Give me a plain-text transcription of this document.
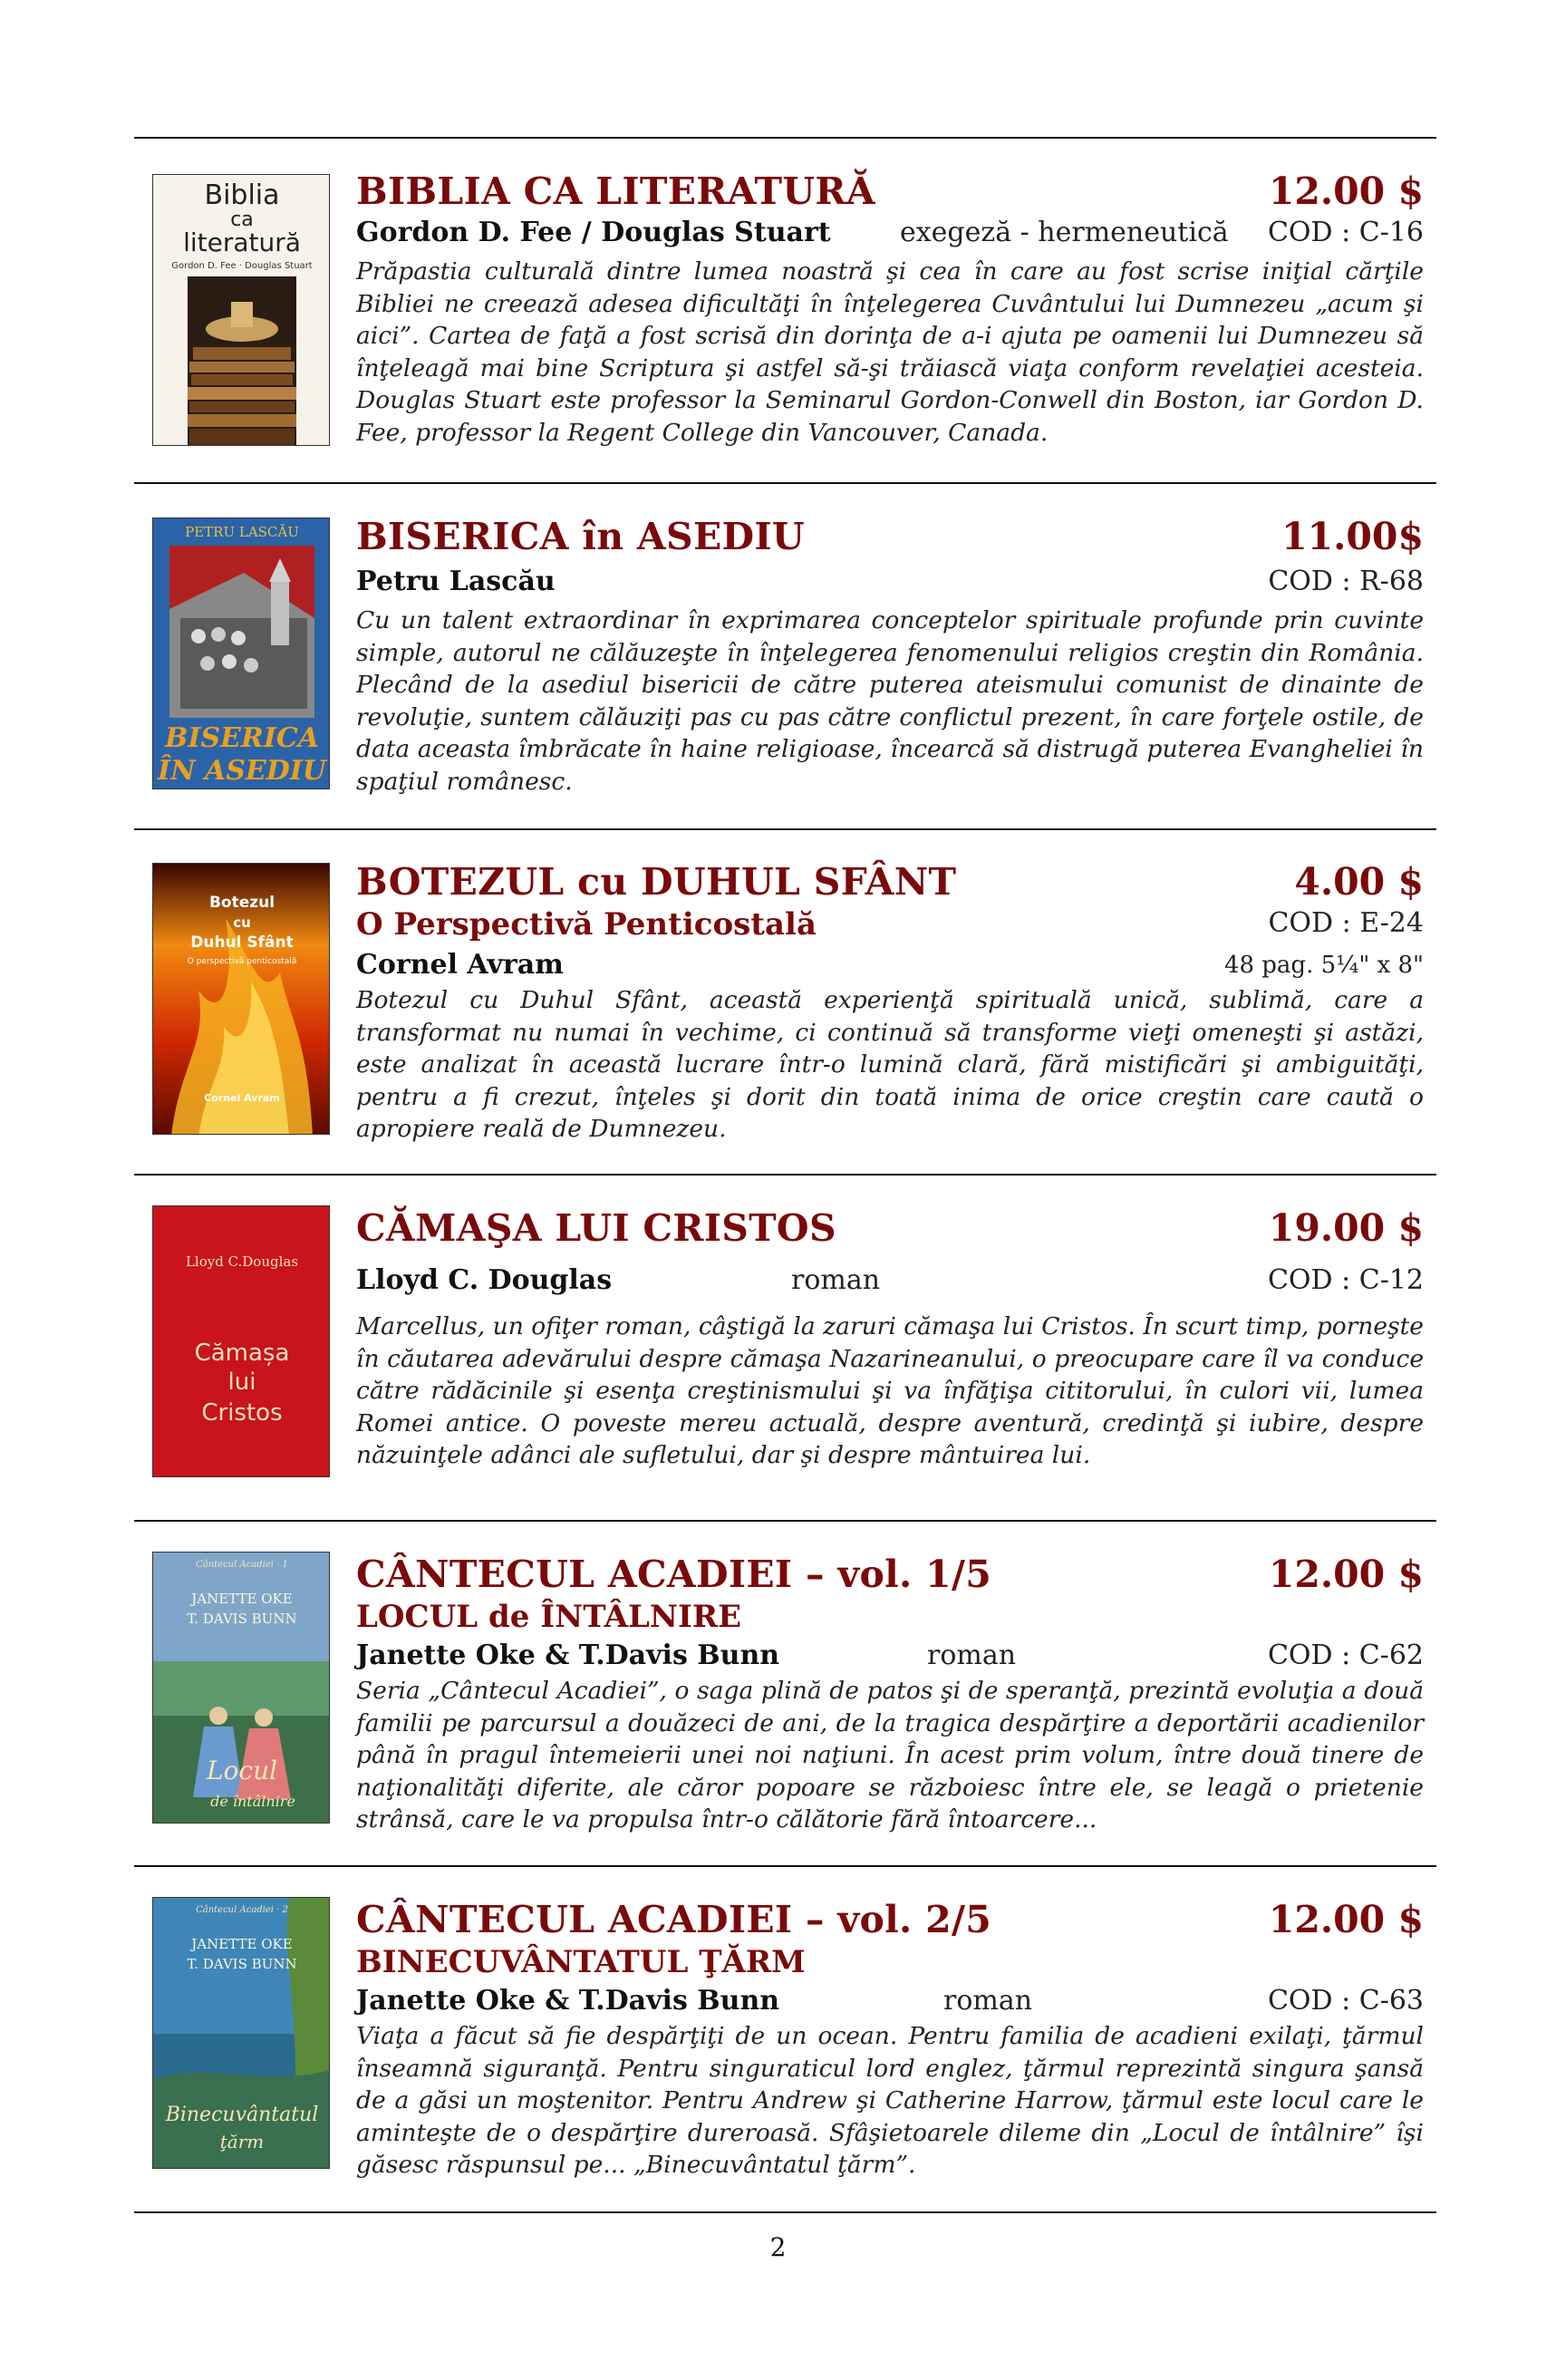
Biblia
ca
literatură
Gordon D. Fee · Douglas Stuart
BIBLIA CA LITERATURĂ	12.00 $
Gordon D. Fee / Douglas Stuart	exegeză - hermeneutică COD : C-16
Prăpastia culturală dintre lumea noastră şi cea în care au fost scrise iniţial cărţile Bibliei ne creează adesea dificultăţi în înţelegerea Cuvântului lui Dumnezeu „acum şi aici”. Cartea de faţă a fost scrisă din dorinţa de a-i ajuta pe oamenii lui Dumnezeu să înţeleagă mai bine Scriptura şi astfel să-şi trăiască viaţa conform revelaţiei acesteia. Douglas Stuart este professor la Seminarul Gordon-Conwell din Boston, iar Gordon D. Fee, professor la Regent College din Vancouver, Canada.
PETRU LASCĂU
BISERICA
ÎN ASEDIU
BISERICA în ASEDIU	11.00$
Petru Lascău	COD : R-68
Cu un talent extraordinar în exprimarea conceptelor spirituale profunde prin cuvinte simple, autorul ne călăuzeşte în înţelegerea fenomenului religios creştin din România. Plecând de la asediul bisericii de către puterea ateismului comunist de dinainte de revoluţie, suntem călăuziţi pas cu pas către conflictul prezent, în care forţele ostile, de data aceasta îmbrăcate în haine religioase, încearcă să distrugă puterea Evangheliei în spaţiul românesc.
Botezul
cu
Duhul Sfânt
O perspectivă penticostală
Cornel Avram
BOTEZUL cu DUHUL SFÂNT	4.00 $
O Perspectivă Penticostală	COD : E-24
Cornel Avram	48 pag. 5¼" x 8"
Botezul cu Duhul Sfânt, această experienţă spirituală unică, sublimă, care a transformat nu numai în vechime, ci continuă să transforme vieţi omeneşti şi astăzi, este analizat în această lucrare într-o lumină clară, fără mistificări şi ambiguităţi, pentru a fi crezut, înţeles şi dorit din toată inima de orice creştin care caută o apropiere reală de Dumnezeu.
Lloyd C.Douglas
Cămașa
lui
Cristos
CĂMAŞA LUI CRISTOS	19.00 $
Lloyd C. Douglas	roman	COD : C-12
Marcellus, un ofiţer roman, câştigă la zaruri cămaşa lui Cristos. În scurt timp, porneşte în căutarea adevărului despre cămaşa Nazarineanului, o preocupare care îl va conduce către rădăcinile şi esenţa creştinismului şi va înfăţişa cititorului, în culori vii, lumea Romei antice. O poveste mereu actuală, despre aventură, credinţă şi iubire, despre năzuinţele adânci ale sufletului, dar şi despre mântuirea lui.
Cântecul Acadiei · 1
JANETTE OKE
T. DAVIS BUNN
Locul
de întâlnire
CÂNTECUL ACADIEI – vol. 1/5	12.00 $
LOCUL de ÎNTÂLNIRE
Janette Oke & T.Davis Bunn	roman	COD : C-62
Seria „Cântecul Acadiei”, o saga plină de patos şi de speranţă, prezintă evoluţia a două familii pe parcursul a douăzeci de ani, de la tragica despărţire a deportării acadienilor până în pragul întemeierii unei noi naţiuni. În acest prim volum, între două tinere de naţionalităţi diferite, ale căror popoare se războiesc între ele, se leagă o prietenie strânsă, care le va propulsa într-o călătorie fără întoarcere...
Cântecul Acadiei · 2
JANETTE OKE
T. DAVIS BUNN
Binecuvântatul
ţărm
CÂNTECUL ACADIEI – vol. 2/5	12.00 $
BINECUVÂNTATUL ŢĂRM
Janette Oke & T.Davis Bunn	roman	COD : C-63
Viaţa a făcut să fie despărţiţi de un ocean. Pentru familia de acadieni exilaţi, ţărmul înseamnă siguranţă. Pentru singuraticul lord englez, ţărmul reprezintă singura şansă de a găsi un moştenitor. Pentru Andrew şi Catherine Harrow, ţărmul este locul care le aminteşte de o despărţire dureroasă. Sfâşietoarele dileme din „Locul de întâlnire” îşi găsesc răspunsul pe... „Binecuvântatul ţărm”.
2
